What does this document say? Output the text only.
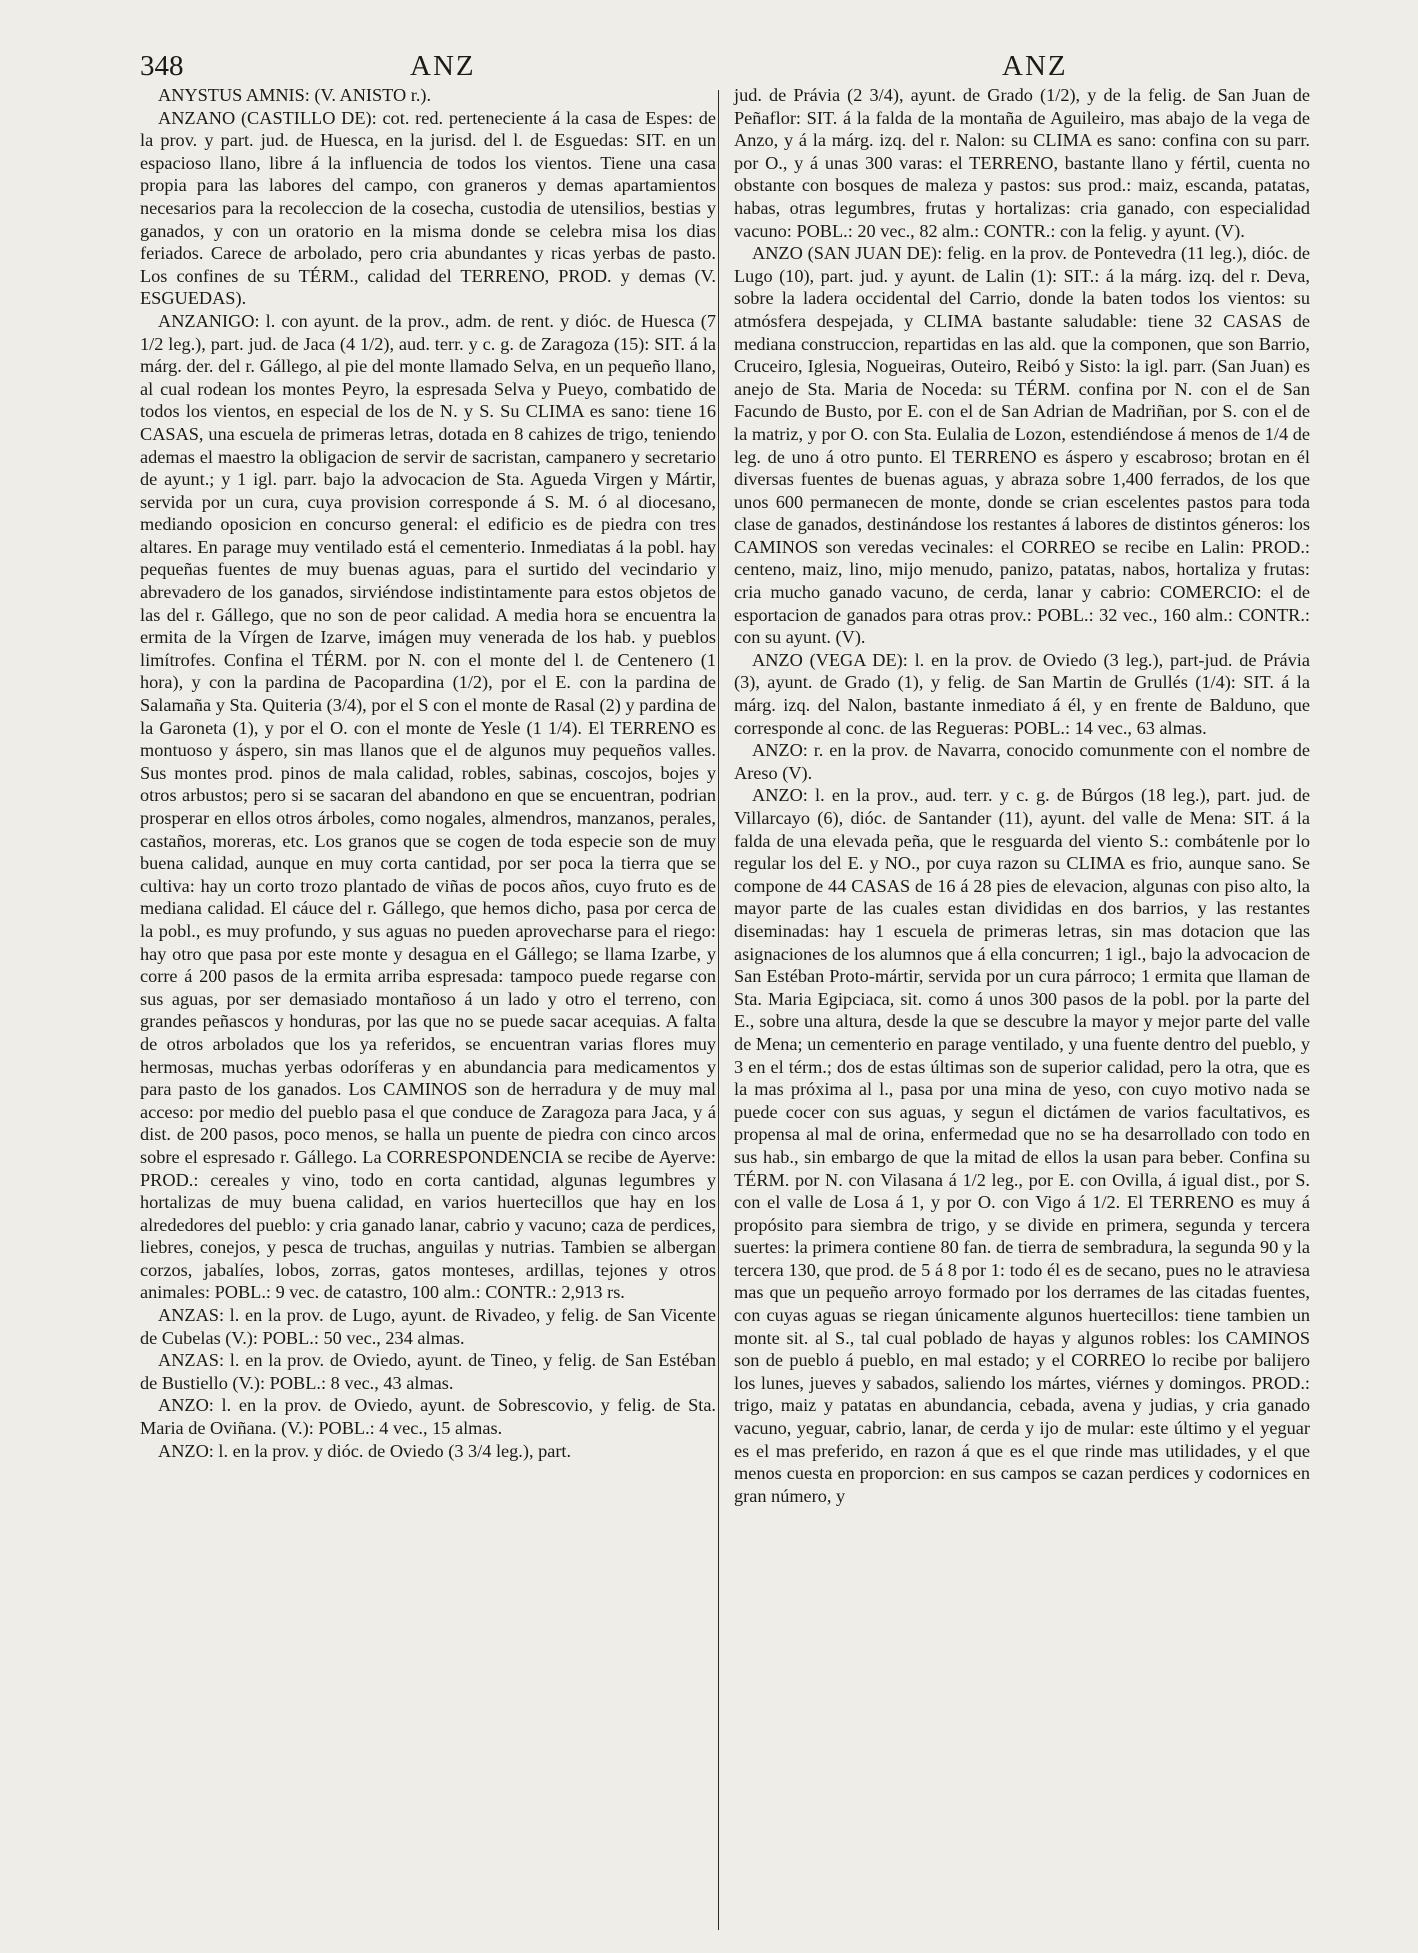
348	ANZ	ANZ

ANYSTUS AMNIS: (V. ANISTO r.).

ANZANO (CASTILLO DE): cot. red. perteneciente á la casa de Espes: de la prov. y part. jud. de Huesca, en la jurisd. del l. de Esguedas: SIT. en un espacioso llano, libre á la influencia de todos los vientos. Tiene una casa propia para las labores del campo, con graneros y demas apartamientos necesarios para la recoleccion de la cosecha, custodia de utensilios, bestias y ganados, y con un oratorio en la misma donde se celebra misa los dias feriados. Carece de arbolado, pero cria abundantes y ricas yerbas de pasto. Los confines de su TÉRM., calidad del TERRENO, PROD. y demas (V. ESGUEDAS).

ANZANIGO: l. con ayunt. de la prov., adm. de rent. y dióc. de Huesca (7 1/2 leg.), part. jud. de Jaca (4 1/2), aud. terr. y c. g. de Zaragoza (15): SIT. á la márg. der. del r. Gállego, al pie del monte llamado Selva, en un pequeño llano, al cual rodean los montes Peyro, la espresada Selva y Pueyo, combatido de todos los vientos, en especial de los de N. y S. Su CLIMA es sano: tiene 16 CASAS, una escuela de primeras letras, dotada en 8 cahizes de trigo, teniendo ademas el maestro la obligacion de servir de sacristan, campanero y secretario de ayunt.; y 1 igl. parr. bajo la advocacion de Sta. Agueda Virgen y Mártir, servida por un cura, cuya provision corresponde á S. M. ó al diocesano, mediando oposicion en concurso general: el edificio es de piedra con tres altares. En parage muy ventilado está el cementerio. Inmediatas á la pobl. hay pequeñas fuentes de muy buenas aguas, para el surtido del vecindario y abrevadero de los ganados, sirviéndose indistintamente para estos objetos de las del r. Gállego, que no son de peor calidad. A media hora se encuentra la ermita de la Vírgen de Izarve, imágen muy venerada de los hab. y pueblos limítrofes. Confina el TÉRM. por N. con el monte del l. de Centenero (1 hora), y con la pardina de Pacopardina (1/2), por el E. con la pardina de Salamaña y Sta. Quiteria (3/4), por el S con el monte de Rasal (2) y pardina de la Garoneta (1), y por el O. con el monte de Yesle (1 1/4). El TERRENO es montuoso y áspero, sin mas llanos que el de algunos muy pequeños valles. Sus montes prod. pinos de mala calidad, robles, sabinas, coscojos, bojes y otros arbustos; pero si se sacaran del abandono en que se encuentran, podrian prosperar en ellos otros árboles, como nogales, almendros, manzanos, perales, castaños, moreras, etc. Los granos que se cogen de toda especie son de muy buena calidad, aunque en muy corta cantidad, por ser poca la tierra que se cultiva: hay un corto trozo plantado de viñas de pocos años, cuyo fruto es de mediana calidad. El cáuce del r. Gállego, que hemos dicho, pasa por cerca de la pobl., es muy profundo, y sus aguas no pueden aprovecharse para el riego: hay otro que pasa por este monte y desagua en el Gállego; se llama Izarbe, y corre á 200 pasos de la ermita arriba espresada: tampoco puede regarse con sus aguas, por ser demasiado montañoso á un lado y otro el terreno, con grandes peñascos y honduras, por las que no se puede sacar acequias. A falta de otros arbolados que los ya referidos, se encuentran varias flores muy hermosas, muchas yerbas odoríferas y en abundancia para medicamentos y para pasto de los ganados. Los CAMINOS son de herradura y de muy mal acceso: por medio del pueblo pasa el que conduce de Zaragoza para Jaca, y á dist. de 200 pasos, poco menos, se halla un puente de piedra con cinco arcos sobre el espresado r. Gállego. La CORRESPONDENCIA se recibe de Ayerve: PROD.: cereales y vino, todo en corta cantidad, algunas legumbres y hortalizas de muy buena calidad, en varios huertecillos que hay en los alrededores del pueblo: y cria ganado lanar, cabrio y vacuno; caza de perdices, liebres, conejos, y pesca de truchas, anguilas y nutrias. Tambien se albergan corzos, jabalíes, lobos, zorras, gatos monteses, ardillas, tejones y otros animales: POBL.: 9 vec. de catastro, 100 alm.: CONTR.: 2,913 rs.

ANZAS: l. en la prov. de Lugo, ayunt. de Rivadeo, y felig. de San Vicente de Cubelas (V.): POBL.: 50 vec., 234 almas.

ANZAS: l. en la prov. de Oviedo, ayunt. de Tineo, y felig. de San Estéban de Bustiello (V.): POBL.: 8 vec., 43 almas.

ANZO: l. en la prov. de Oviedo, ayunt. de Sobrescovio, y felig. de Sta. Maria de Oviñana. (V.): POBL.: 4 vec., 15 almas.

ANZO: l. en la prov. y dióc. de Oviedo (3 3/4 leg.), part.

jud. de Právia (2 3/4), ayunt. de Grado (1/2), y de la felig. de San Juan de Peñaflor: SIT. á la falda de la montaña de Aguileiro, mas abajo de la vega de Anzo, y á la márg. izq. del r. Nalon: su CLIMA es sano: confina con su parr. por O., y á unas 300 varas: el TERRENO, bastante llano y fértil, cuenta no obstante con bosques de maleza y pastos: sus prod.: maiz, escanda, patatas, habas, otras legumbres, frutas y hortalizas: cria ganado, con especialidad vacuno: POBL.: 20 vec., 82 alm.: CONTR.: con la felig. y ayunt. (V).

ANZO (SAN JUAN DE): felig. en la prov. de Pontevedra (11 leg.), dióc. de Lugo (10), part. jud. y ayunt. de Lalin (1): SIT.: á la márg. izq. del r. Deva, sobre la ladera occidental del Carrio, donde la baten todos los vientos: su atmósfera despejada, y CLIMA bastante saludable: tiene 32 CASAS de mediana construccion, repartidas en las ald. que la componen, que son Barrio, Cruceiro, Iglesia, Nogueiras, Outeiro, Reibó y Sisto: la igl. parr. (San Juan) es anejo de Sta. Maria de Noceda: su TÉRM. confina por N. con el de San Facundo de Busto, por E. con el de San Adrian de Madriñan, por S. con el de la matriz, y por O. con Sta. Eulalia de Lozon, estendiéndose á menos de 1/4 de leg. de uno á otro punto. El TERRENO es áspero y escabroso; brotan en él diversas fuentes de buenas aguas, y abraza sobre 1,400 ferrados, de los que unos 600 permanecen de monte, donde se crian escelentes pastos para toda clase de ganados, destinándose los restantes á labores de distintos géneros: los CAMINOS son veredas vecinales: el CORREO se recibe en Lalin: PROD.: centeno, maiz, lino, mijo menudo, panizo, patatas, nabos, hortaliza y frutas: cria mucho ganado vacuno, de cerda, lanar y cabrio: COMERCIO: el de esportacion de ganados para otras prov.: POBL.: 32 vec., 160 alm.: CONTR.: con su ayunt. (V).

ANZO (VEGA DE): l. en la prov. de Oviedo (3 leg.), part-jud. de Právia (3), ayunt. de Grado (1), y felig. de San Martin de Grullés (1/4): SIT. á la márg. izq. del Nalon, bastante inmediato á él, y en frente de Balduno, que corresponde al conc. de las Regueras: POBL.: 14 vec., 63 almas.

ANZO: r. en la prov. de Navarra, conocido comunmente con el nombre de Areso (V).

ANZO: l. en la prov., aud. terr. y c. g. de Búrgos (18 leg.), part. jud. de Villarcayo (6), dióc. de Santander (11), ayunt. del valle de Mena: SIT. á la falda de una elevada peña, que le resguarda del viento S.: combátenle por lo regular los del E. y NO., por cuya razon su CLIMA es frio, aunque sano. Se compone de 44 CASAS de 16 á 28 pies de elevacion, algunas con piso alto, la mayor parte de las cuales estan divididas en dos barrios, y las restantes diseminadas: hay 1 escuela de primeras letras, sin mas dotacion que las asignaciones de los alumnos que á ella concurren; 1 igl., bajo la advocacion de San Estéban Proto-mártir, servida por un cura párroco; 1 ermita que llaman de Sta. Maria Egipciaca, sit. como á unos 300 pasos de la pobl. por la parte del E., sobre una altura, desde la que se descubre la mayor y mejor parte del valle de Mena; un cementerio en parage ventilado, y una fuente dentro del pueblo, y 3 en el térm.; dos de estas últimas son de superior calidad, pero la otra, que es la mas próxima al l., pasa por una mina de yeso, con cuyo motivo nada se puede cocer con sus aguas, y segun el dictámen de varios facultativos, es propensa al mal de orina, enfermedad que no se ha desarrollado con todo en sus hab., sin embargo de que la mitad de ellos la usan para beber. Confina su TÉRM. por N. con Vilasana á 1/2 leg., por E. con Ovilla, á igual dist., por S. con el valle de Losa á 1, y por O. con Vigo á 1/2. El TERRENO es muy á propósito para siembra de trigo, y se divide en primera, segunda y tercera suertes: la primera contiene 80 fan. de tierra de sembradura, la segunda 90 y la tercera 130, que prod. de 5 á 8 por 1: todo él es de secano, pues no le atraviesa mas que un pequeño arroyo formado por los derrames de las citadas fuentes, con cuyas aguas se riegan únicamente algunos huertecillos: tiene tambien un monte sit. al S., tal cual poblado de hayas y algunos robles: los CAMINOS son de pueblo á pueblo, en mal estado; y el CORREO lo recibe por balijero los lunes, jueves y sabados, saliendo los mártes, viérnes y domingos. PROD.: trigo, maiz y patatas en abundancia, cebada, avena y judias, y cria ganado vacuno, yeguar, cabrio, lanar, de cerda y ijo de mular: este último y el yeguar es el mas preferido, en razon á que es el que rinde mas utilidades, y el que menos cuesta en proporcion: en sus campos se cazan perdices y codornices en gran número, y
